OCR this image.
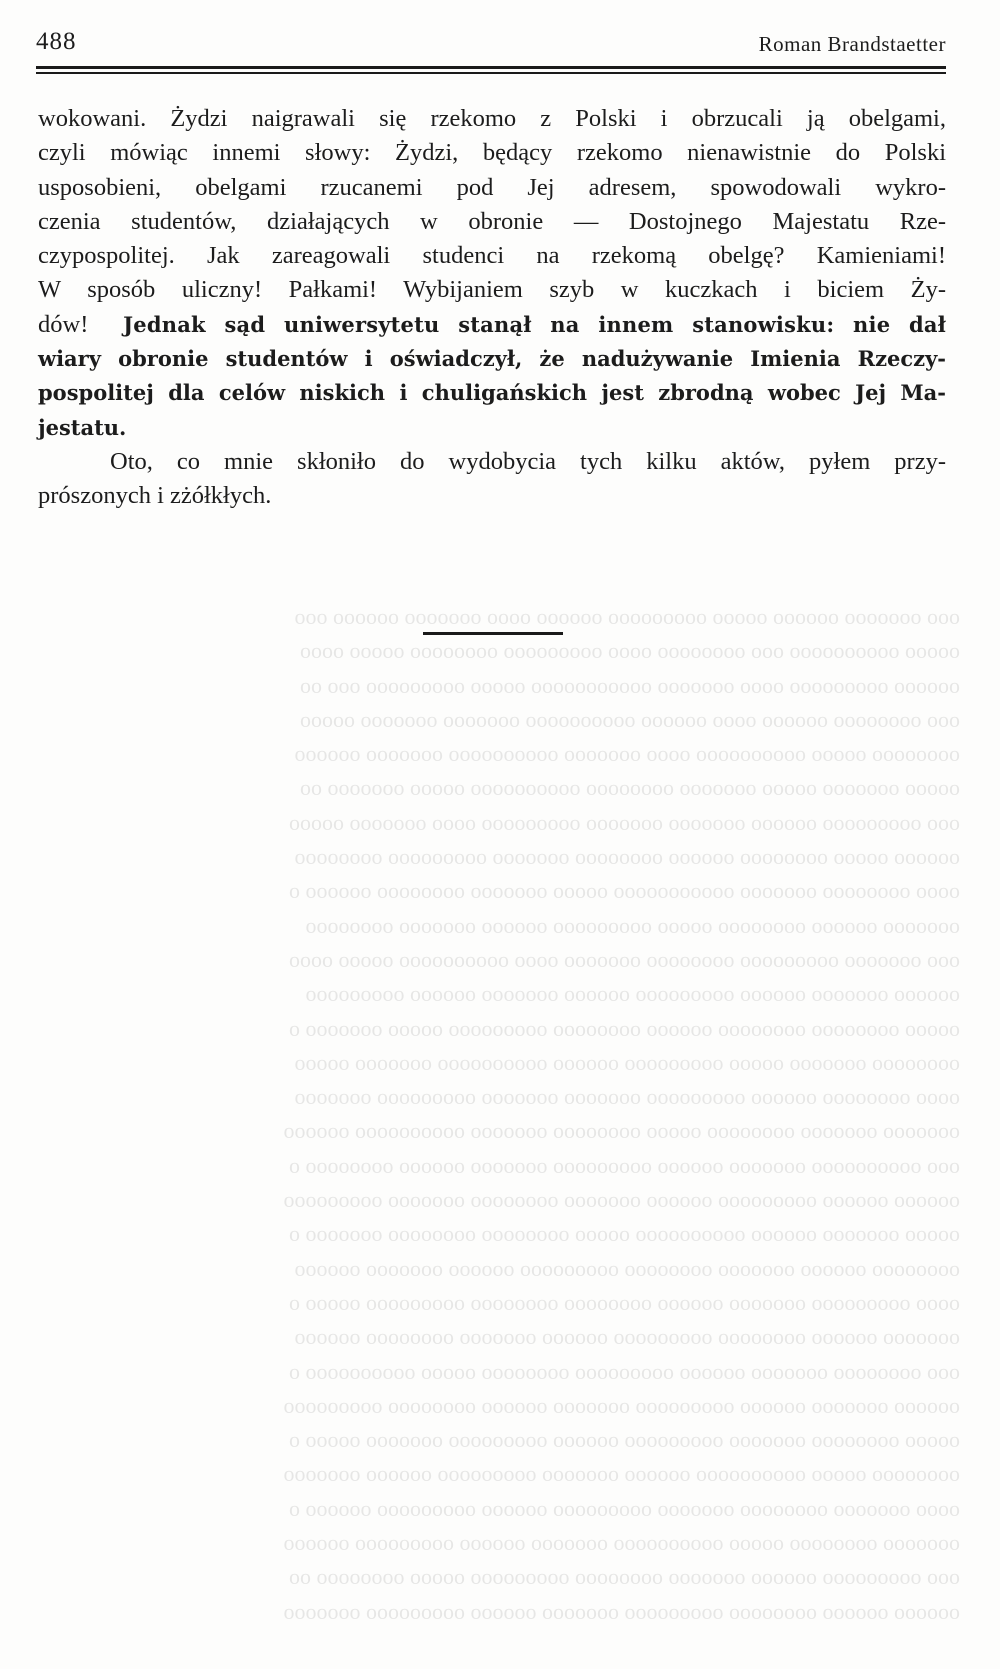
488	Roman Brandstaetter
wokowani. Żydzi naigrawali się rzekomo z Polski i obrzucali ją obelgami,
czyli mówiąc innemi słowy: Żydzi, będący rzekomo nienawistnie do Polski
usposobieni, obelgami rzucanemi pod Jej adresem, spowodowali wykro-
czenia studentów, działających w obronie — Dostojnego Majestatu Rze-
czypospolitej. Jak zareagowali studenci na rzekomą obelgę? Kamieniami!
W sposób uliczny! Pałkami! Wybijaniem szyb w kuczkach i biciem Ży-
dów! Jednak sąd uniwersytetu stanął na innem stanowisku: nie dał
wiary obronie studentów i oświadczył, że nadużywanie Imienia Rzeczy-
pospolitej dla celów niskich i chuligańskich jest zbrodną wobec Jej Ma-
jestatu.
Oto, co mnie skłoniło do wydobycia tych kilku aktów, pyłem przy-
prószonych i zżółkłych.
ooo ooooooo oooooo ooooo ooooooooo oooooo oooo ooooooo oooooo ooo
ooooo oooooooooo ooo oooooooo oooo ooooooooo oooooooo ooooo oooo
oooooo ooooooooo oooo ooooooo ooooooooooo ooooo ooooooooo ooo oo
ooo oooooooo oooooo oooo oooooo oooooooooo ooooooo ooooooo ooooo
oooooooo ooooo oooooooooo oooo ooooooo oooooooooo ooooooo oooooo
ooooo ooooooo ooooo ooooooo oooooooo oooooooooo ooooo ooooooo oo
ooo ooooooooo oooooo ooooooo ooooooo ooooooooo oooo ooooooo ooooo
oooooo ooooo oooooooo oooooo oooooooo ooooooo ooooooooo oooooooo
oooo oooooooo ooooooo ooooooooooo ooooo ooooooo oooooooo oooooo o
ooooooo oooooo oooooooo ooooo ooooooooo oooooo ooooooo oooooooo
ooo ooooooo ooooooooo oooooooo ooooooo oooo oooooooooo ooooo oooo
oooooo ooooooo oooooo ooooooooo oooooo ooooooo oooooo ooooooooo
ooooo oooooooo oooooooo oooooo oooooooo ooooooooo ooooo ooooooo o
oooooooo ooooooo ooooo ooooooooo oooooo oooooooooo ooooooo ooooo
oooo oooooooo oooooo ooooooooo ooooooo ooooooo ooooooooo ooooooo
ooooooo ooooooo oooooooo ooooo oooooooo ooooooo oooooooooo oooooo
ooo oooooooooo ooooooo oooooo ooooooooo ooooooo oooooo oooooooo o
oooooo oooooo ooooooooo oooooo ooooooo oooooooo ooooooo ooooooooo
ooooo ooooooo oooooo oooooooooo ooooo oooooooo oooooooo ooooooo o
oooooooo oooooo ooooooo oooooooo ooooooooo oooooo ooooooo oooooo
oooo ooooooooo ooooooo oooooo oooooooo oooooooo ooooooooo ooooo o
ooooooo oooooo oooooooo ooooooooo oooooo ooooooo oooooooo oooooo
ooo oooooooo ooooooo oooooo ooooooooo oooooooo ooooo oooooooooo o
oooooo ooooooo oooooo ooooooooo ooooooo oooooo oooooooo ooooooooo
ooooo oooooooo ooooooo ooooooooo oooooo ooooooooo ooooooo ooooo o
oooooooo ooooo oooooooooo oooooo ooooooo ooooooooo oooooo ooooooo
oooo ooooooo oooooooo ooooooo ooooooooo oooooo ooooooooo oooooo o
ooooooo oooooooo ooooo oooooooooo ooooooo oooooo ooooooooo oooooo
ooo ooooooooo oooooo ooooooo oooooooo ooooooooo ooooo oooooooo oo
oooooo oooooo oooooooo ooooooooo ooooooo oooooo ooooooooo ooooooo
